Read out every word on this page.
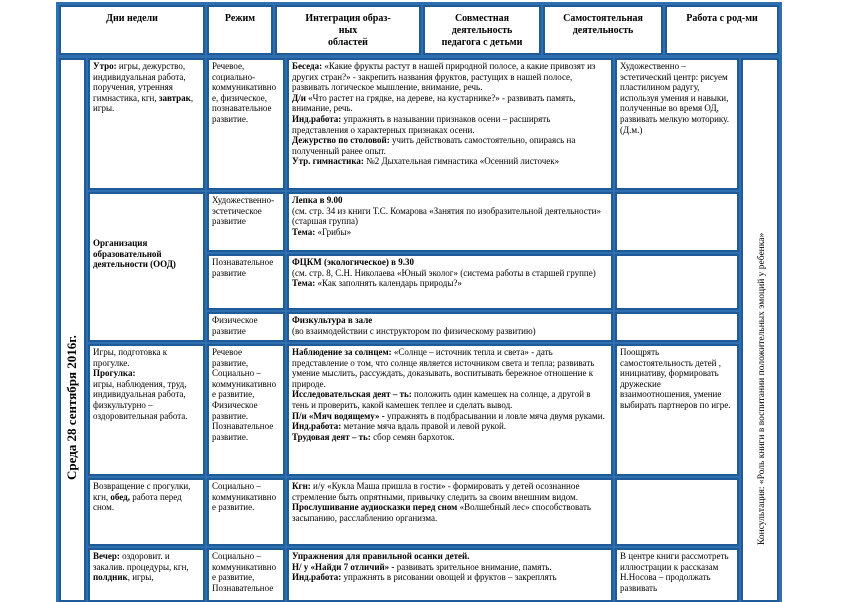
Дни недели	Режим	Интеграция образ-
ных
областей
Совместная
деятельность
педагога с детьми
Самостоятельная
деятельность
Работа с род-ми
Среда 28 сентября 2016г.
Утро: игры, дежурство, индивидуальная работа, поручения, утренняя гимнастика, кгн, завтрак, игры.
Речевое, социально-коммуникативно е, физическое, познавательное развитие.

Беседа: «Какие фрукты растут в нашей природной полосе, а какие привозят из других стран?» - закрепить названия фруктов, растущих в нашей полосе, развивать логическое мышление, внимание, речь.

Д/и «Что растет на грядке, на дереве, на кустарнике?» - развивать память, внимание, речь.

Инд.работа: упражнять в назывании признаков осени – расширять представления о характерных признаках осени.

Дежурство по столовой: учить действовать самостоятельно, опираясь на полученный ранее опыт.

Утр. гимнастика: №2 Дыхательная гимнастика «Осенний листочек»

Художественно – эстетический центр: рисуем пластилином радугу, используя умения и навыки, полученные во время ОД, развивать мелкую моторику. (Д.м.)
Организация образовательной деятельности (ООД)
Художественно-эстетическое развитие
Лепка в 9.00
(см. стр. 34 из книги Т.С. Комарова «Занятия по изобразительной деятельности» (старшая группа)
Тема: «Грибы»
Познавательное развитие
ФЦКМ (экологическое) в 9.30
(см. стр. 8, С.Н. Николаева «Юный эколог» (система работы в старшей группе)
Тема: «Как заполнять календарь природы?»
Физическое развитие
Физкультура в зале
(во взаимодействии с инструктором по физическому развитию)
Игры, подготовка к прогулке.
Прогулка:
игры, наблюдения, труд, индивидуальная работа, физкультурно – оздоровительная работа.
Речевое развитие, Социально – коммуникативно е развитие, Физическое развитие. Познавательное развитие.

Наблюдение за солнцем: «Солнце – источник тепла и света» - дать представление о том, что солнце является источником света и тепла; развивать умение мыслить, рассуждать, доказывать, воспитывать бережное отношение к природе.

Исследовательская деят – ть: положить один камешек на солнце, а другой в тень и проверить, какой камешек теплее и сделать вывод.

П/и «Мяч водящему» - упражнять в подбрасывании и ловле мяча двумя руками.

Инд.работа: метание мяча вдаль правой и левой рукой.

Трудовая деят – ть: сбор семян бархоток.

Поощрять самостоятельность детей , инициативу, формировать дружеские взаимоотношения, умение выбирать партнеров по игре.
Возвращение с прогулки, кгн, обед, работа перед сном.
Социально – коммуникативно е развитие.

Кгн: и/у «Кукла Маша пришла в гости» - формировать у детей осознанное стремление быть опрятными, привычку следить за своим внешним видом.

Прослушивание аудиосказки перед сном «Волшебный лес» способствовать засыпанию, расслаблению организма.

Вечер: оздоровит. и закалив. процедуры, кгн, полдник, игры,
Социально – коммуникативно е развитие, Познавательное

Упражнения для правильной осанки детей.

Н/ у «Найди 7 отличий» - развивать зрительное внимание, память.

Инд.работа: упражнять в рисовании овощей и фруктов – закреплять

В центре книги рассмотреть иллюстрации к рассказам Н.Носова – продолжать развивать
Консультация: «Роль книги в воспитании положительных эмоций у ребенка»
